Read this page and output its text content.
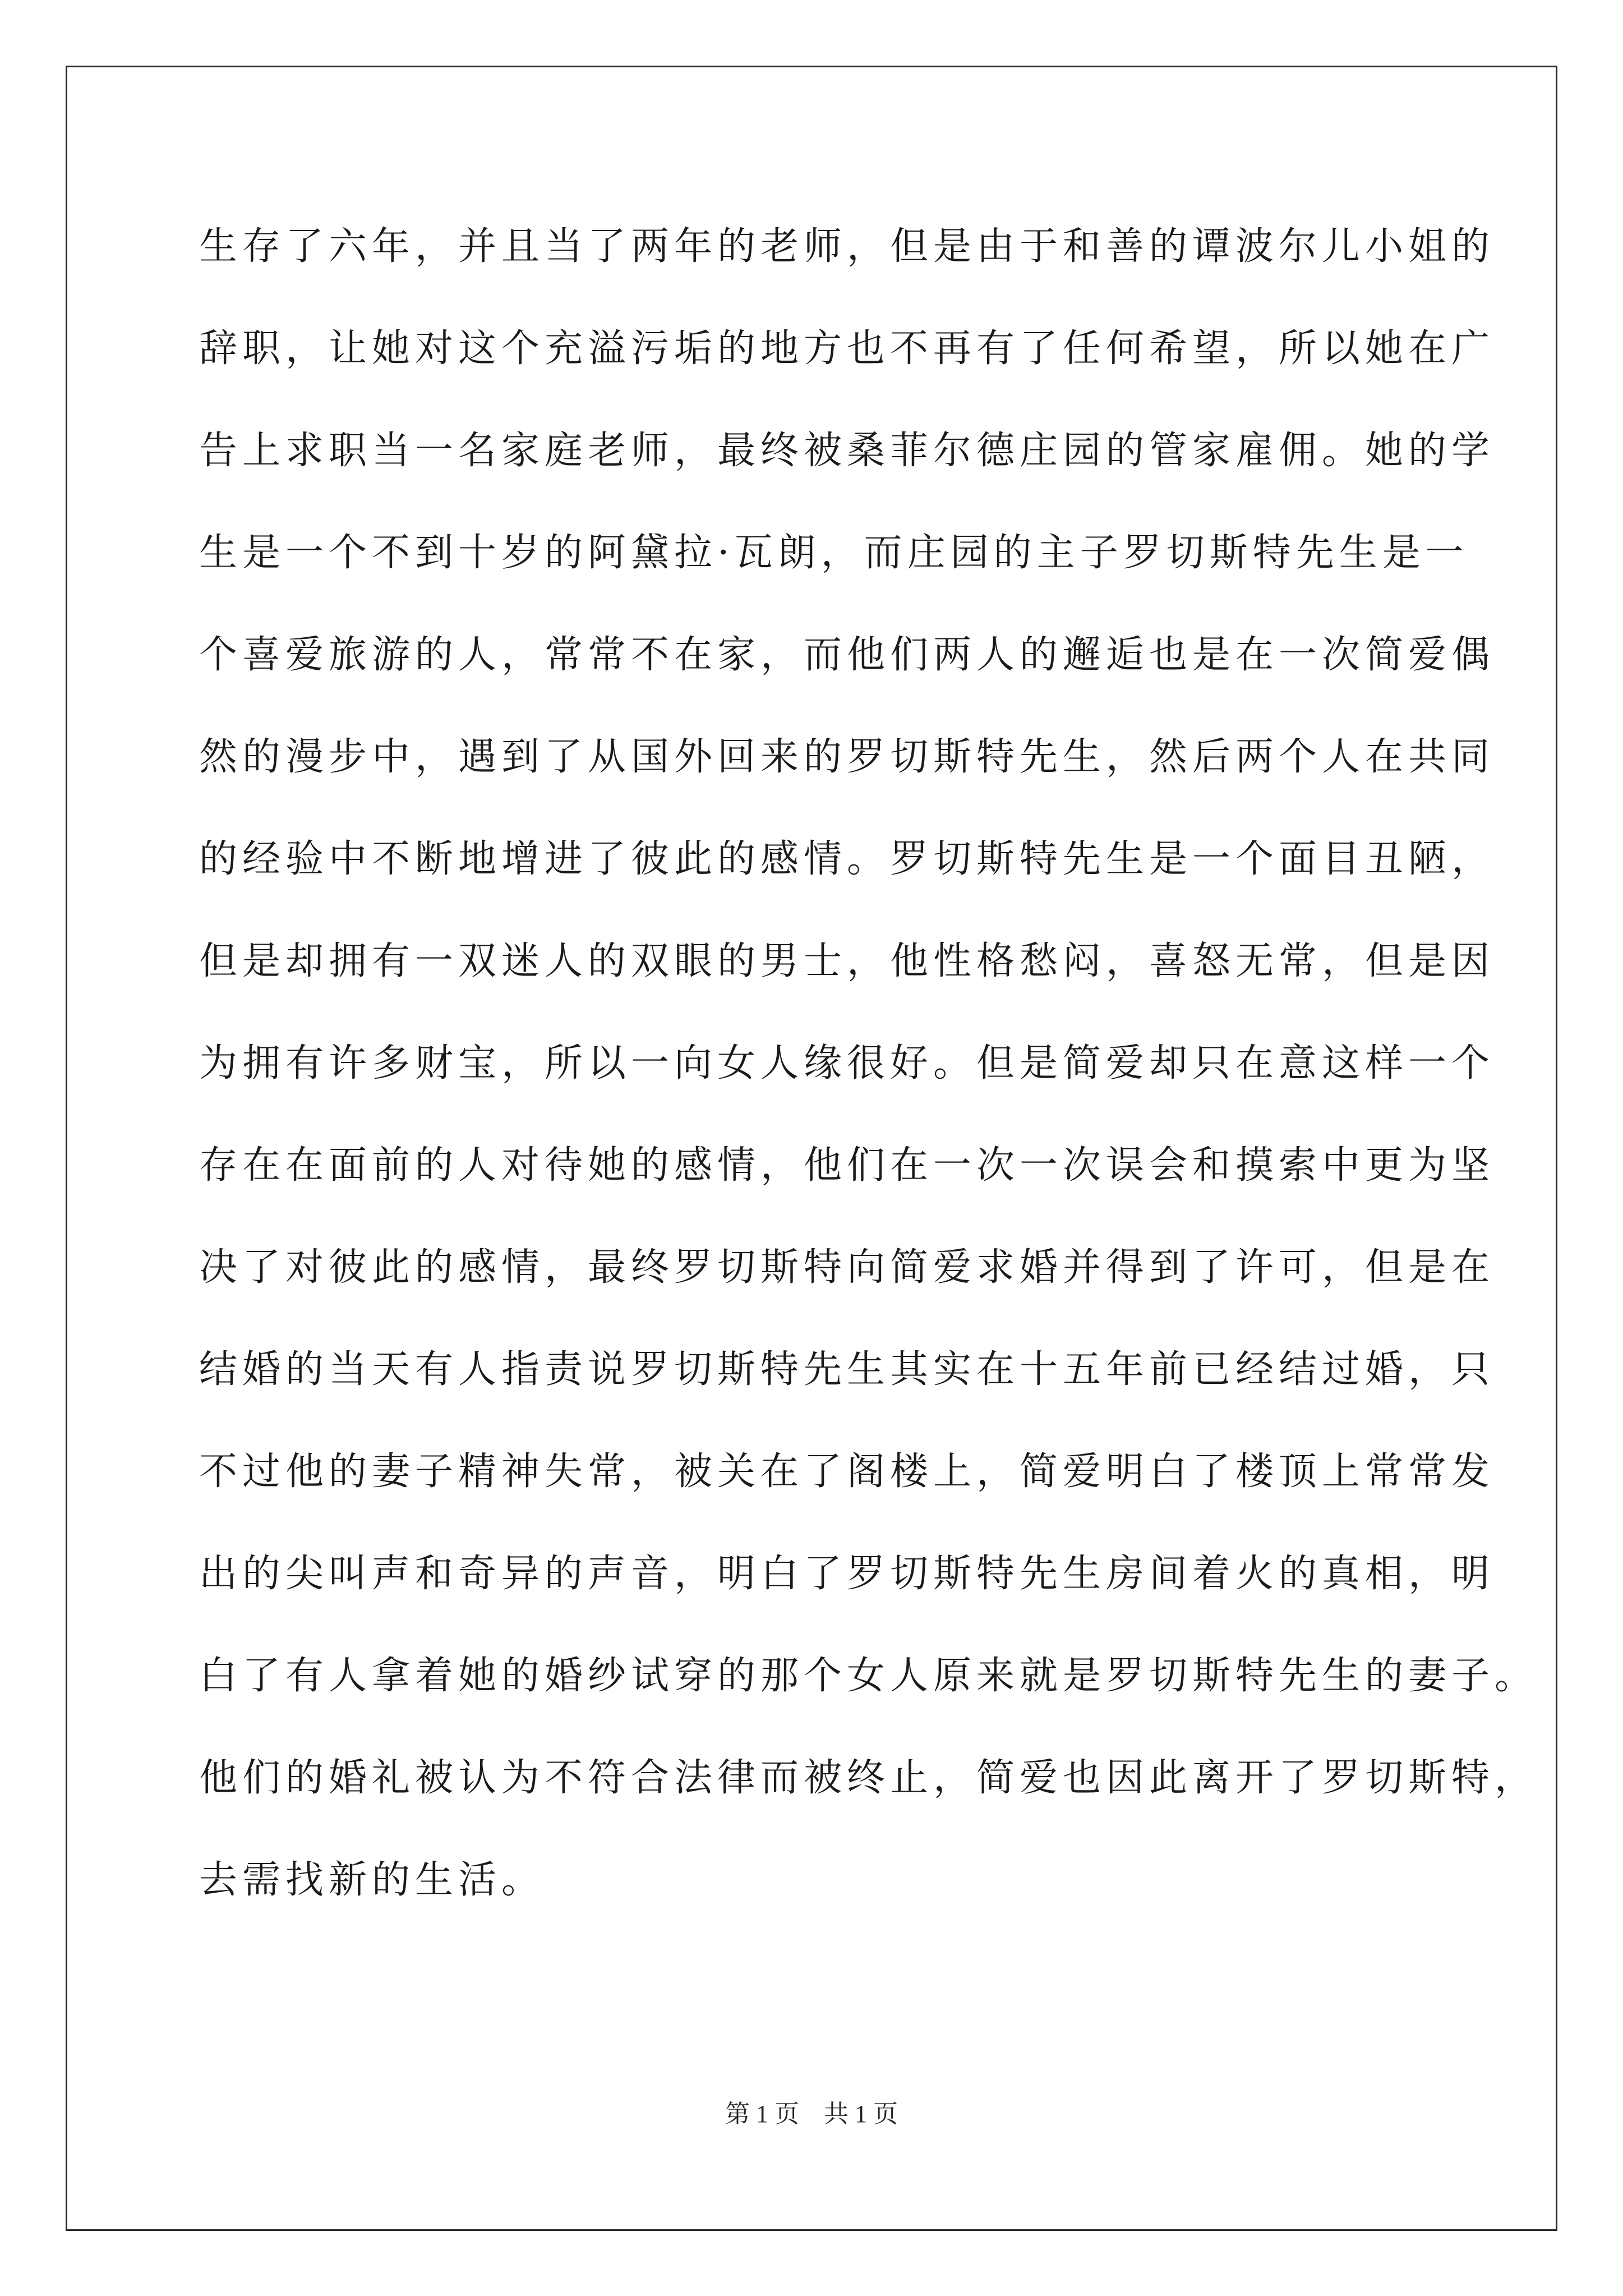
生存了六年，并且当了两年的老师，但是由于和善的谭波尔儿小姐的
辞职，让她对这个充溢污垢的地方也不再有了任何希望，所以她在广
告上求职当一名家庭老师，最终被桑菲尔德庄园的管家雇佣。她的学
生是一个不到十岁的阿黛拉·瓦朗，而庄园的主子罗切斯特先生是一
个喜爱旅游的人，常常不在家，而他们两人的邂逅也是在一次简爱偶
然的漫步中，遇到了从国外回来的罗切斯特先生，然后两个人在共同
的经验中不断地增进了彼此的感情。罗切斯特先生是一个面目丑陋，
但是却拥有一双迷人的双眼的男士，他性格愁闷，喜怒无常，但是因
为拥有许多财宝，所以一向女人缘很好。但是简爱却只在意这样一个
存在在面前的人对待她的感情，他们在一次一次误会和摸索中更为坚
决了对彼此的感情，最终罗切斯特向简爱求婚并得到了许可，但是在
结婚的当天有人指责说罗切斯特先生其实在十五年前已经结过婚，只
不过他的妻子精神失常，被关在了阁楼上，简爱明白了楼顶上常常发
出的尖叫声和奇异的声音，明白了罗切斯特先生房间着火的真相，明
白了有人拿着她的婚纱试穿的那个女人原来就是罗切斯特先生的妻子。
他们的婚礼被认为不符合法律而被终止，简爱也因此离开了罗切斯特，
去需找新的生活。
第 1 页　共 1 页
